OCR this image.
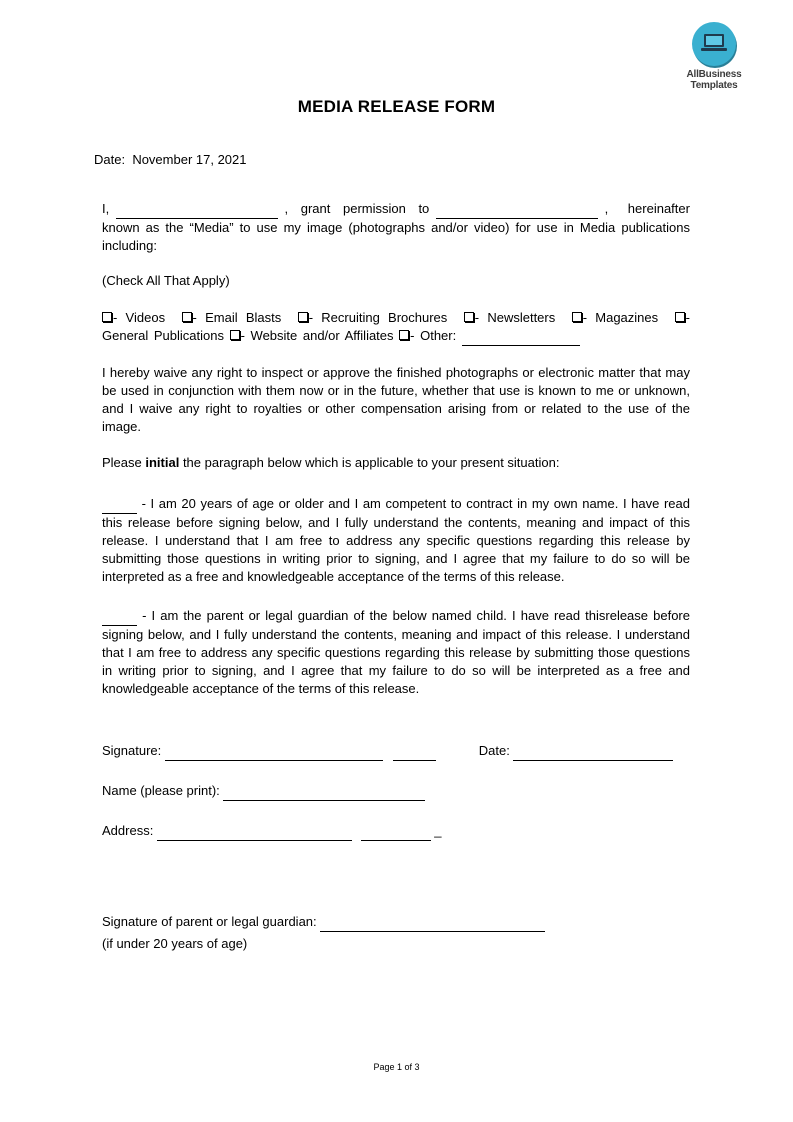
AllBusiness
Templates
MEDIA RELEASE FORM
Date: November 17, 2021
I,
	, grant permission to
	, hereinafter
known as the “Media” to use my image (photographs and/or video) for use in Media publications including:
(Check All That Apply)
- Videos - Email Blasts - Recruiting Brochures - Newsletters - Magazines - General Publications - Website and/or Affiliates - Other:
I hereby waive any right to inspect or approve the finished photographs or electronic matter that may be used in conjunction with them now or in the future, whether that use is known to me or unknown, and I waive any right to royalties or other compensation arising from or related to the use of the image.
Please initial the paragraph below which is applicable to your present situation:
- I am 20 years of age or older and I am competent to contract in my own name. I have read this release before signing below, and I fully understand the contents, meaning and impact of this release. I understand that I am free to address any specific questions regarding this release by submitting those questions in writing prior to signing, and I agree that my failure to do so will be interpreted as a free and knowledgeable acceptance of the terms of this release.
- I am the parent or legal guardian of the below named child. I have read thisrelease before signing below, and I fully understand the contents, meaning and impact of this release. I understand that I am free to address any specific questions regarding this release by submitting those questions in writing prior to signing, and I agree that my failure to do so will be interpreted as a free and knowledgeable acceptance of the terms of this release.
Signature:	Date:
Name (please print):
Address:	_
Signature of parent or legal guardian:
(if under 20 years of age)
Page 1 of 3
